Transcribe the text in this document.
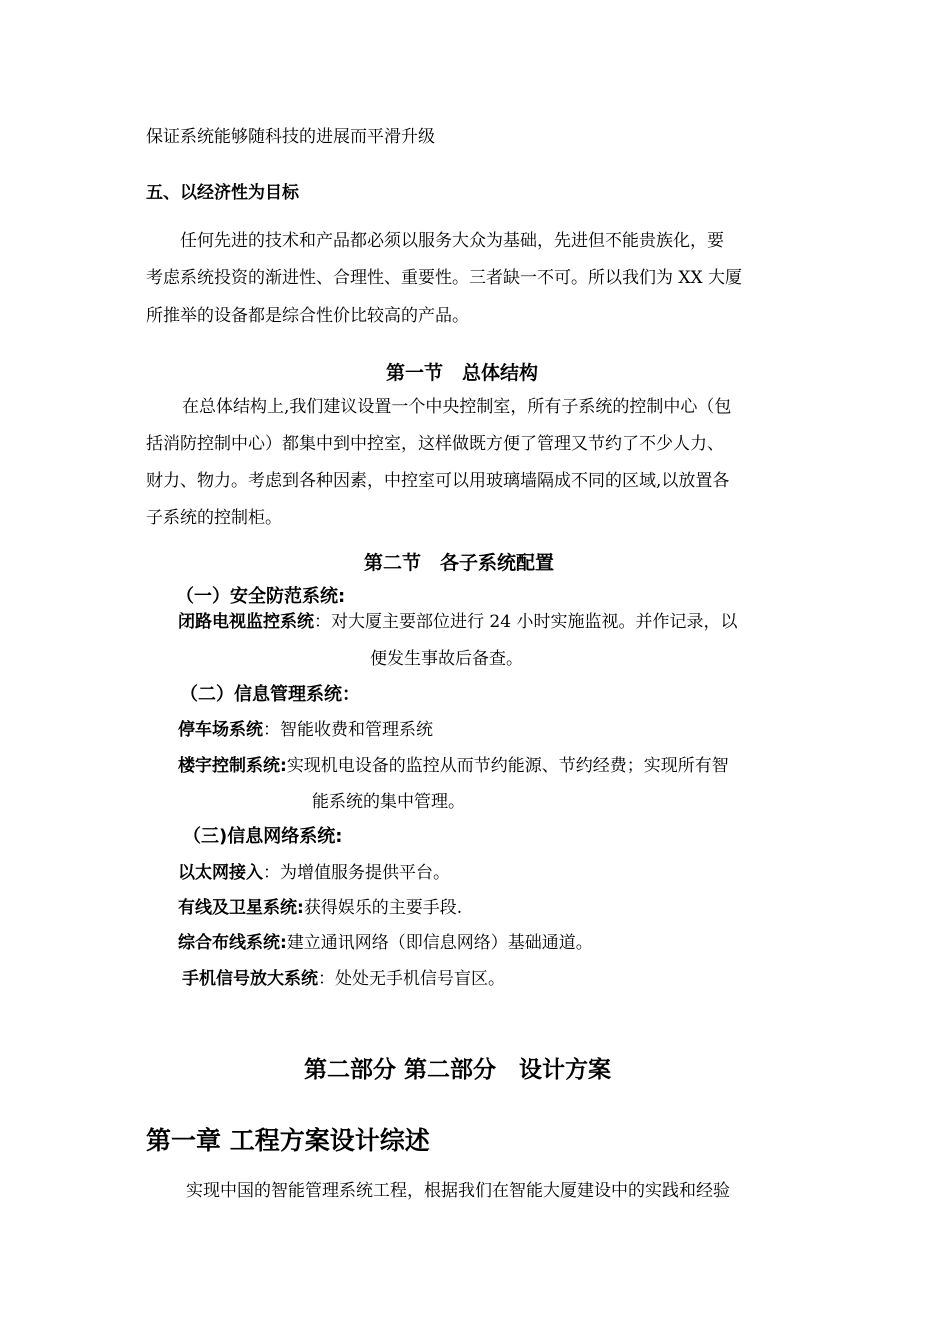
保证系统能够随科技的进展而平滑升级
五、以经济性为目标
任何先进的技术和产品都必须以服务大众为基础，先进但不能贵族化，要
考虑系统投资的渐进性、合理性、重要性。三者缺一不可。所以我们为 XX 大厦
所推举的设备都是综合性价比较高的产品。
第一节　总体结构
在总体结构上,我们建议设置一个中央控制室，所有子系统的控制中心（包
括消防控制中心）都集中到中控室，这样做既方便了管理又节约了不少人力、
财力、物力。考虑到各种因素，中控室可以用玻璃墙隔成不同的区域,以放置各
子系统的控制柜。
第二节　各子系统配置
（一）安全防范系统:
闭路电视监控系统：对大厦主要部位进行 24 小时实施监视。并作记录，以
便发生事故后备查。
（二）信息管理系统：
停车场系统：智能收费和管理系统
楼宇控制系统:实现机电设备的监控从而节约能源、节约经费；实现所有智
能系统的集中管理。
（三)信息网络系统:
以太网接入：为增值服务提供平台。
有线及卫星系统:获得娱乐的主要手段.
综合布线系统:建立通讯网络（即信息网络）基础通道。
手机信号放大系统：处处无手机信号盲区。
第二部分 第二部分　设计方案
第一章 工程方案设计综述
实现中国的智能管理系统工程，根据我们在智能大厦建设中的实践和经验
